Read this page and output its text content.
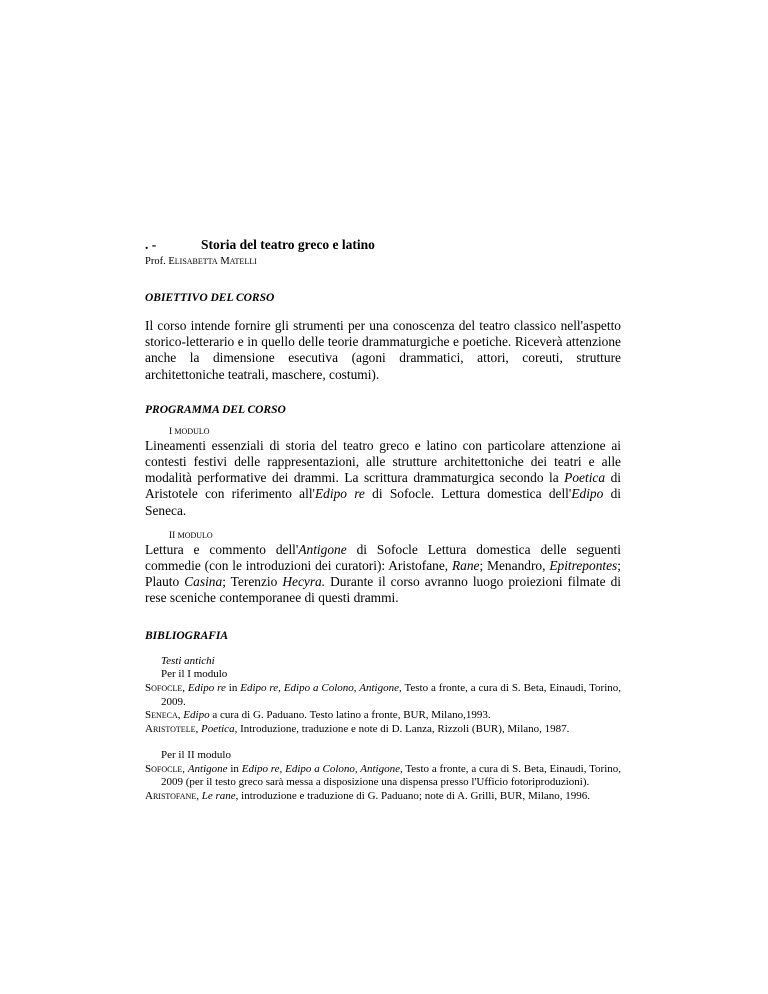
. -	Storia del teatro greco e latino
Prof. ELISABETTA MATELLI
OBIETTIVO DEL CORSO

Il corso intende fornire gli strumenti per una conoscenza del teatro classico nell'aspetto storico-letterario e in quello delle teorie drammaturgiche e poetiche. Riceverà attenzione anche la dimensione esecutiva (agoni drammatici, attori, coreuti, strutture architettoniche teatrali, maschere, costumi).

PROGRAMMA DEL CORSO
I MODULO

Lineamenti essenziali di storia del teatro greco e latino con particolare attenzione ai contesti festivi delle rappresentazioni, alle strutture architettoniche dei teatri e alle modalità performative dei drammi. La scrittura drammaturgica secondo la Poetica di Aristotele con riferimento all'Edipo re di Sofocle. Lettura domestica dell'Edipo di Seneca.

II MODULO

Lettura e commento dell'Antigone di Sofocle Lettura domestica delle seguenti commedie (con le introduzioni dei curatori): Aristofane, Rane; Menandro, Epitrepontes; Plauto Casina; Terenzio Hecyra. Durante il corso avranno luogo proiezioni filmate di rese sceniche contemporanee di questi drammi.

BIBLIOGRAFIA
Testi antichi
Per il I modulo
SOFOCLE, Edipo re in Edipo re, Edipo a Colono, Antigone, Testo a fronte, a cura di S. Beta, Einaudi, Torino, 2009.
SENECA, Edipo a cura di G. Paduano. Testo latino a fronte, BUR, Milano,1993.
ARISTOTELE, Poetica, Introduzione, traduzione e note di D. Lanza, Rizzoli (BUR), Milano, 1987.
Per il II modulo
SOFOCLE, Antigone in Edipo re, Edipo a Colono, Antigone, Testo a fronte, a cura di S. Beta, Einaudi, Torino, 2009 (per il testo greco sarà messa a disposizione una dispensa presso l'Ufficio fotoriproduzioni).
ARISTOFANE, Le rane, introduzione e traduzione di G. Paduano; note di A. Grilli, BUR, Milano, 1996.
